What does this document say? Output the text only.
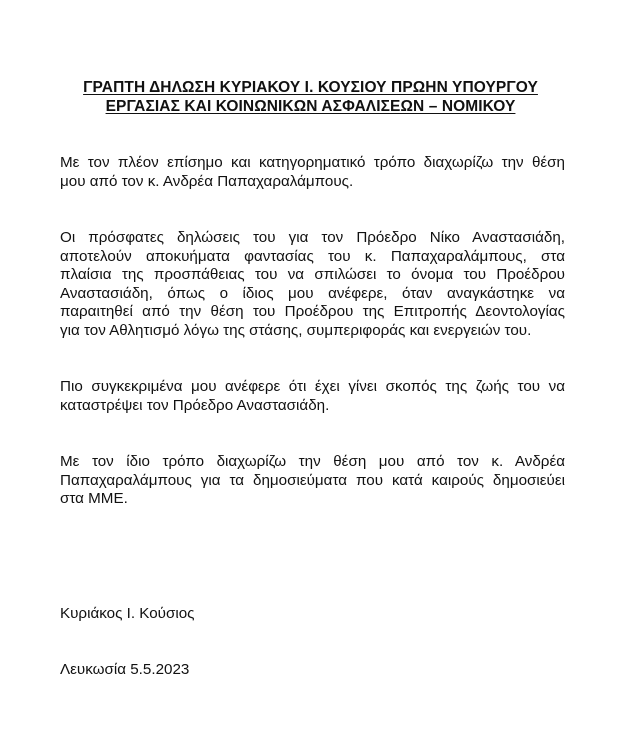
ΓΡΑΠΤΗ ΔΗΛΩΣΗ ΚΥΡΙΑΚΟΥ Ι. ΚΟΥΣΙΟΥ ΠΡΩΗΝ ΥΠΟΥΡΓΟΥ
ΕΡΓΑΣΙΑΣ ΚΑΙ ΚΟΙΝΩΝΙΚΩΝ ΑΣΦΑΛΙΣΕΩΝ – ΝΟΜΙΚΟΥ
Με τον πλέον επίσημο και κατηγορηματικό τρόπο διαχωρίζω την θέση
μου από τον κ. Ανδρέα Παπαχαραλάμπους.
Οι πρόσφατες δηλώσεις του για τον Πρόεδρο Νίκο Αναστασιάδη,
αποτελούν αποκυήματα φαντασίας του κ. Παπαχαραλάμπους, στα
πλαίσια της προσπάθειας του να σπιλώσει το όνομα του Προέδρου
Αναστασιάδη, όπως ο ίδιος μου ανέφερε, όταν αναγκάστηκε να
παραιτηθεί από την θέση του Προέδρου της Επιτροπής Δεοντολογίας
για τον Αθλητισμό λόγω της στάσης, συμπεριφοράς και ενεργειών του.
Πιο συγκεκριμένα μου ανέφερε ότι έχει γίνει σκοπός της ζωής του να
καταστρέψει τον Πρόεδρο Αναστασιάδη.
Με τον ίδιο τρόπο διαχωρίζω την θέση μου από τον κ. Ανδρέα
Παπαχαραλάμπους για τα δημοσιεύματα που κατά καιρούς δημοσιεύει
στα ΜΜΕ.
Κυριάκος Ι. Κούσιος
Λευκωσία 5.5.2023
